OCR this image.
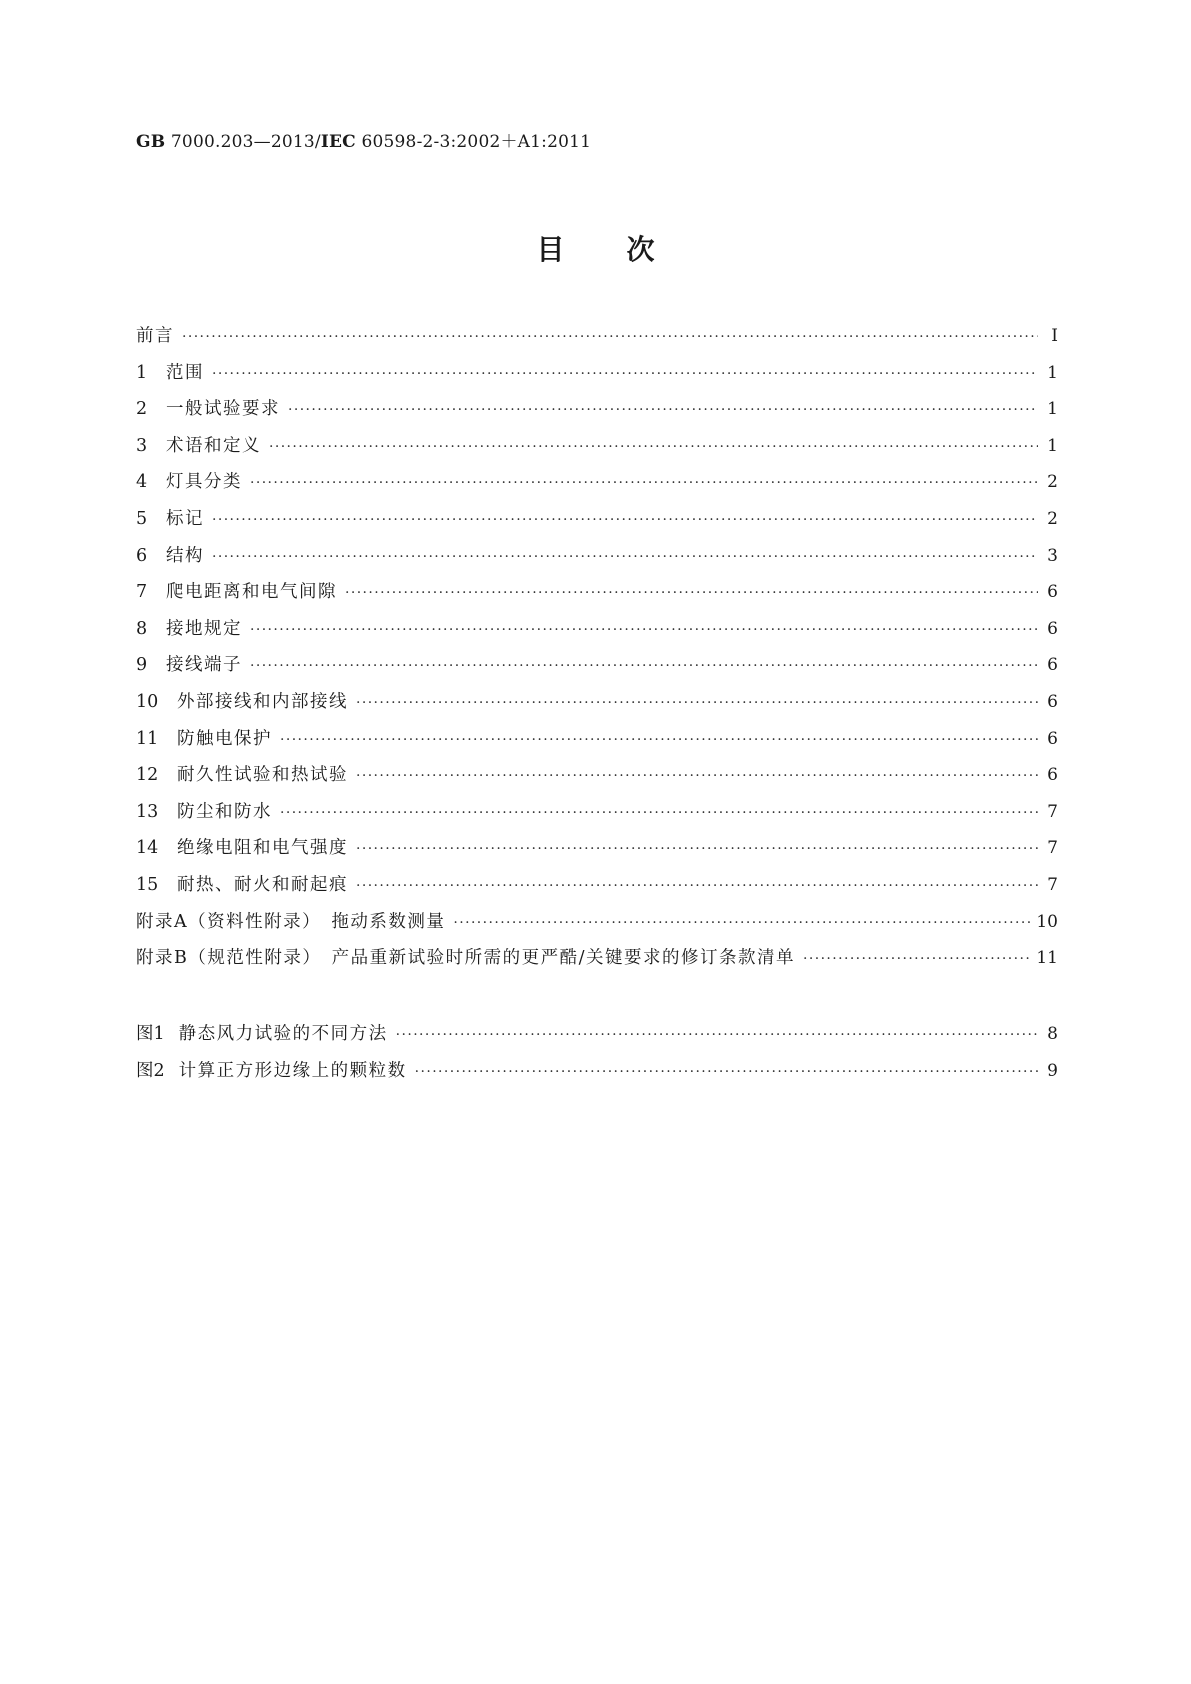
GB 7000.203—2013/IEC 60598-2-3:2002＋A1:2011
目次
前言 ·····	Ⅰ
1 范围 ·····	1
2 一般试验要求 ·····	1
3 术语和定义 ·····	1
4 灯具分类 ·····	2
5 标记 ·····	2
6 结构 ·····	3
7 爬电距离和电气间隙 ·····	6
8 接地规定 ·····	6
9 接线端子 ·····	6
10 外部接线和内部接线 ·····	6
11 防触电保护 ·····	6
12 耐久性试验和热试验 ·····	6
13 防尘和防水 ·····	7
14 绝缘电阻和电气强度 ·····	7
15 耐热、耐火和耐起痕 ·····	7
附录A（资料性附录）　拖动系数测量 ·····	10
附录B（规范性附录）　产品重新试验时所需的更严酷/关键要求的修订条款清单 ·····	11
图1 静态风力试验的不同方法 ·····	8
图2 计算正方形边缘上的颗粒数 ·····	9
